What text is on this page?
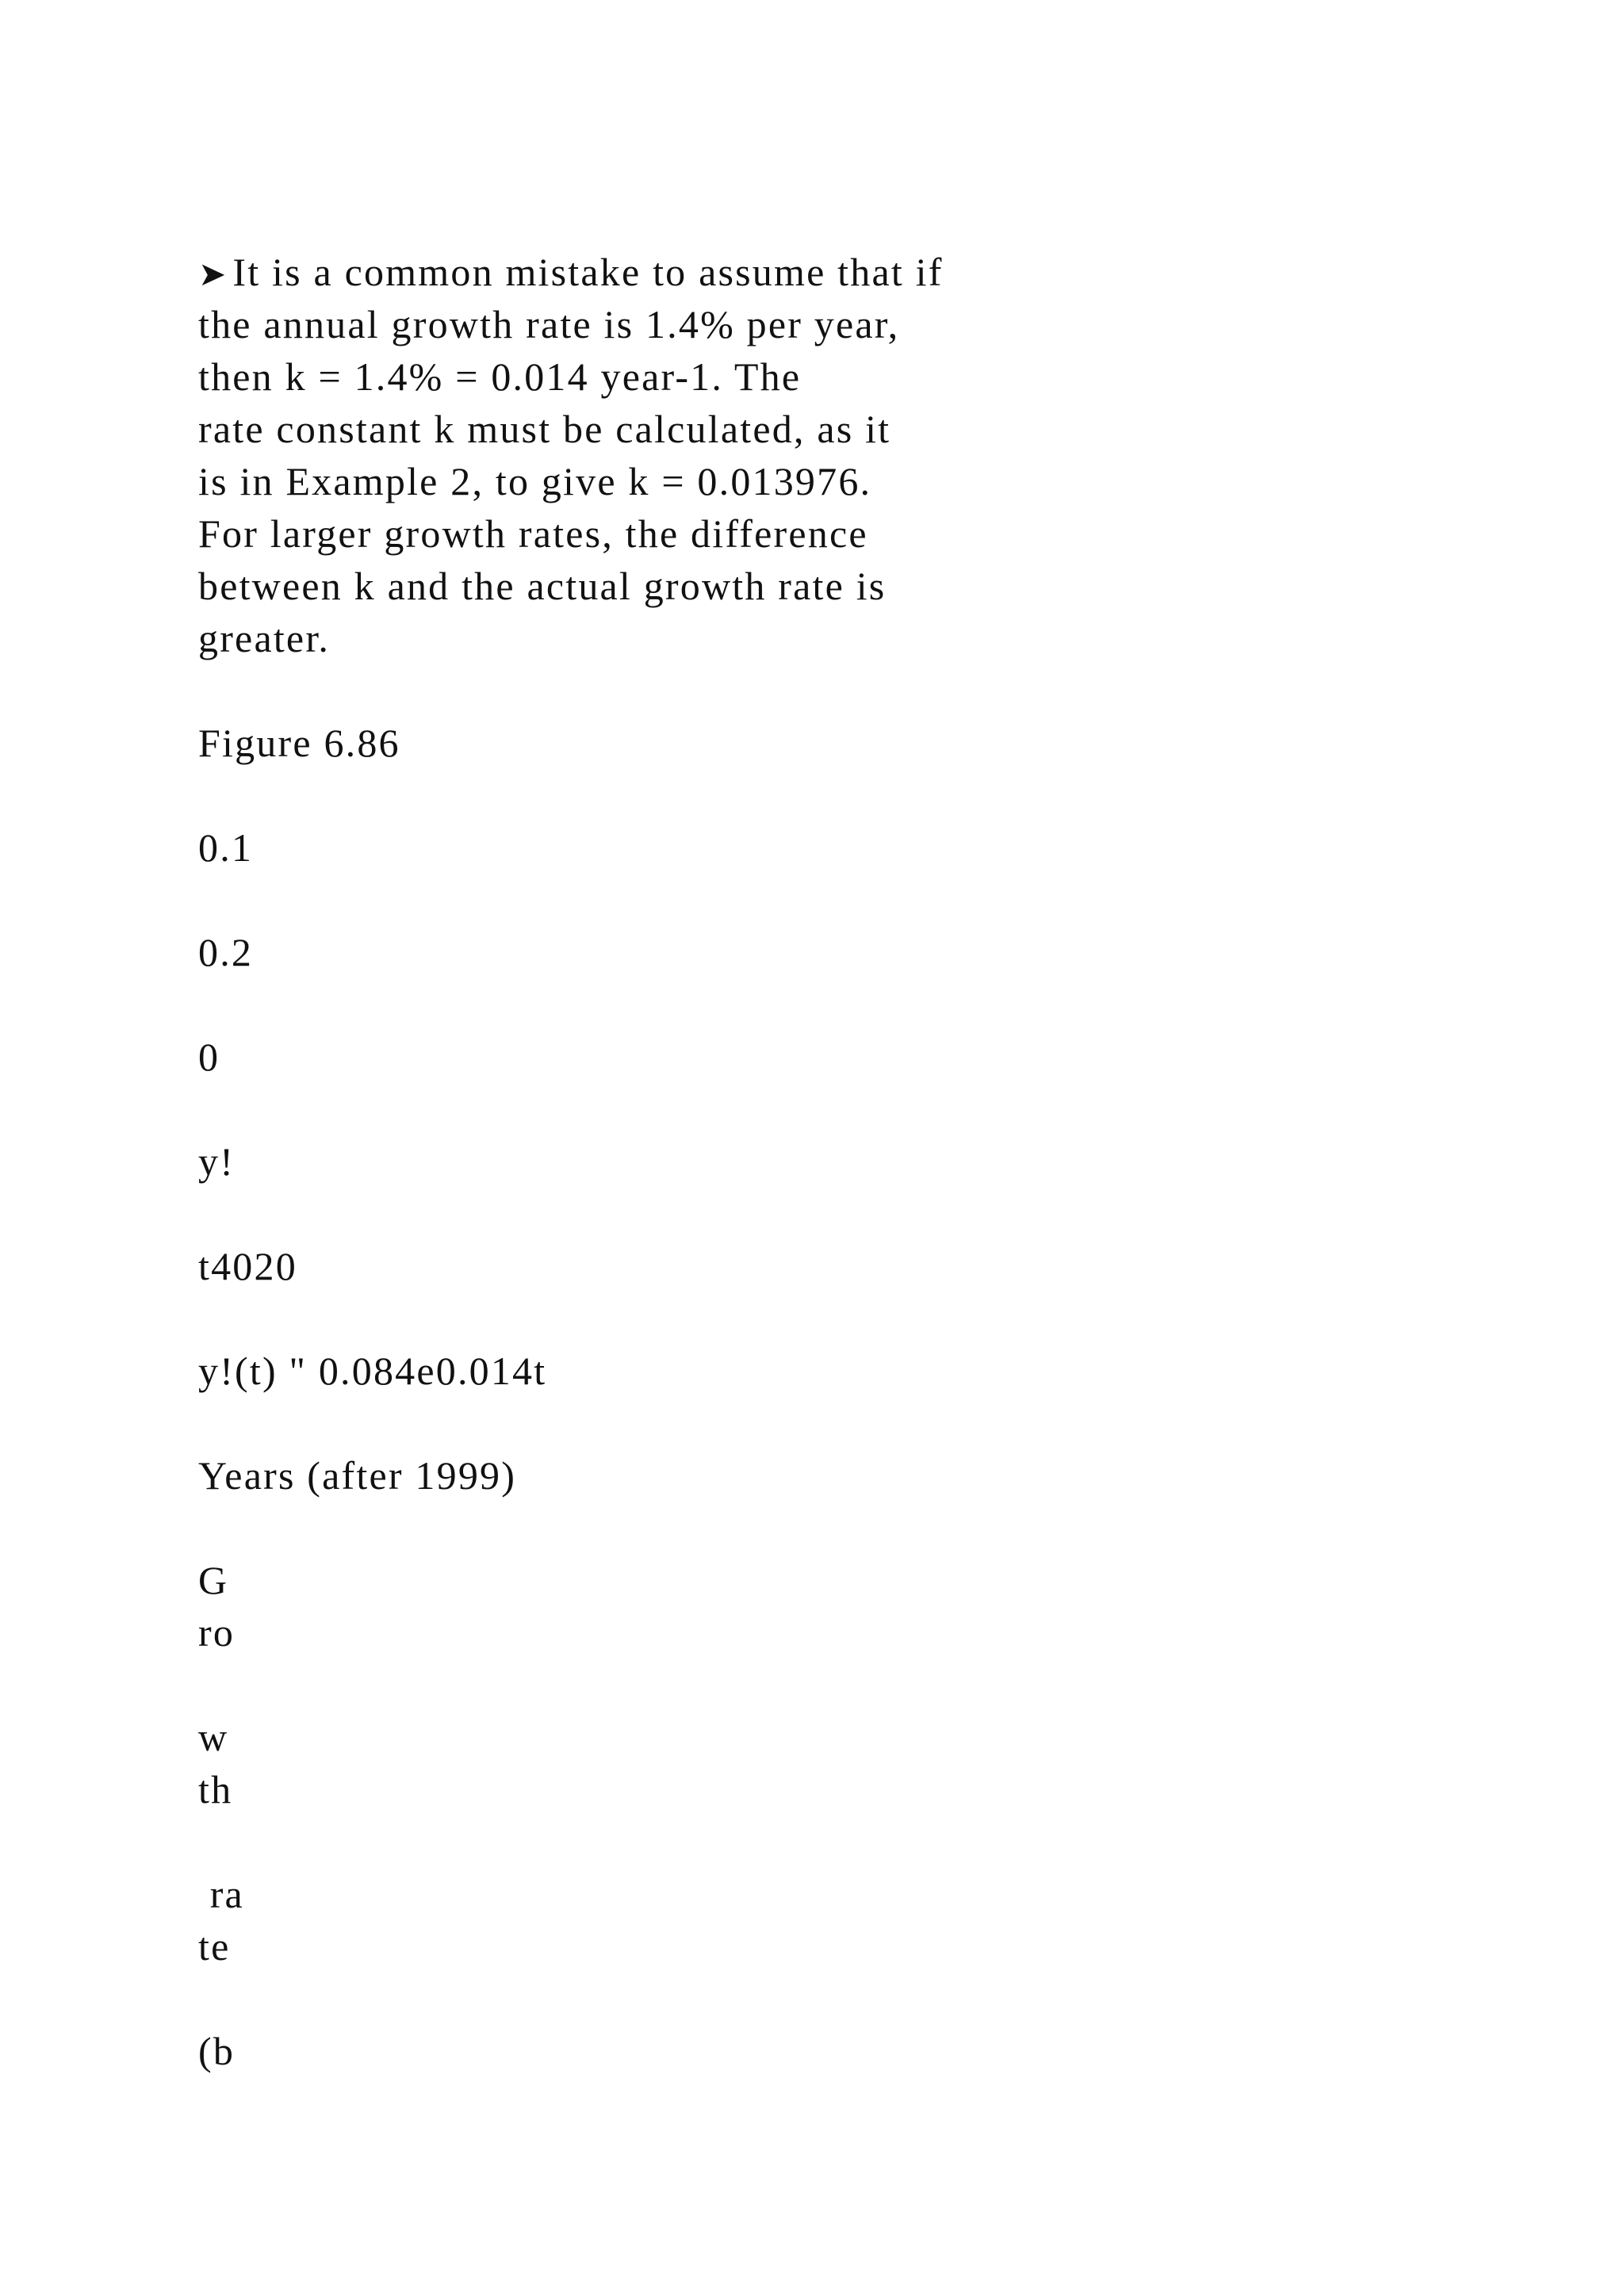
➤ It is a common mistake to assume that if
the annual growth rate is 1.4% per year,
then k = 1.4% = 0.014 year-1. The
rate constant k must be calculated, as it
is in Example 2, to give k = 0.013976.
For larger growth rates, the difference
between k and the actual growth rate is
greater.
Figure 6.86
0.1
0.2
0
y!
t4020
y!(t) " 0.084e0.014t
Years (after 1999)
G
ro
w
th
ra
te
(b
